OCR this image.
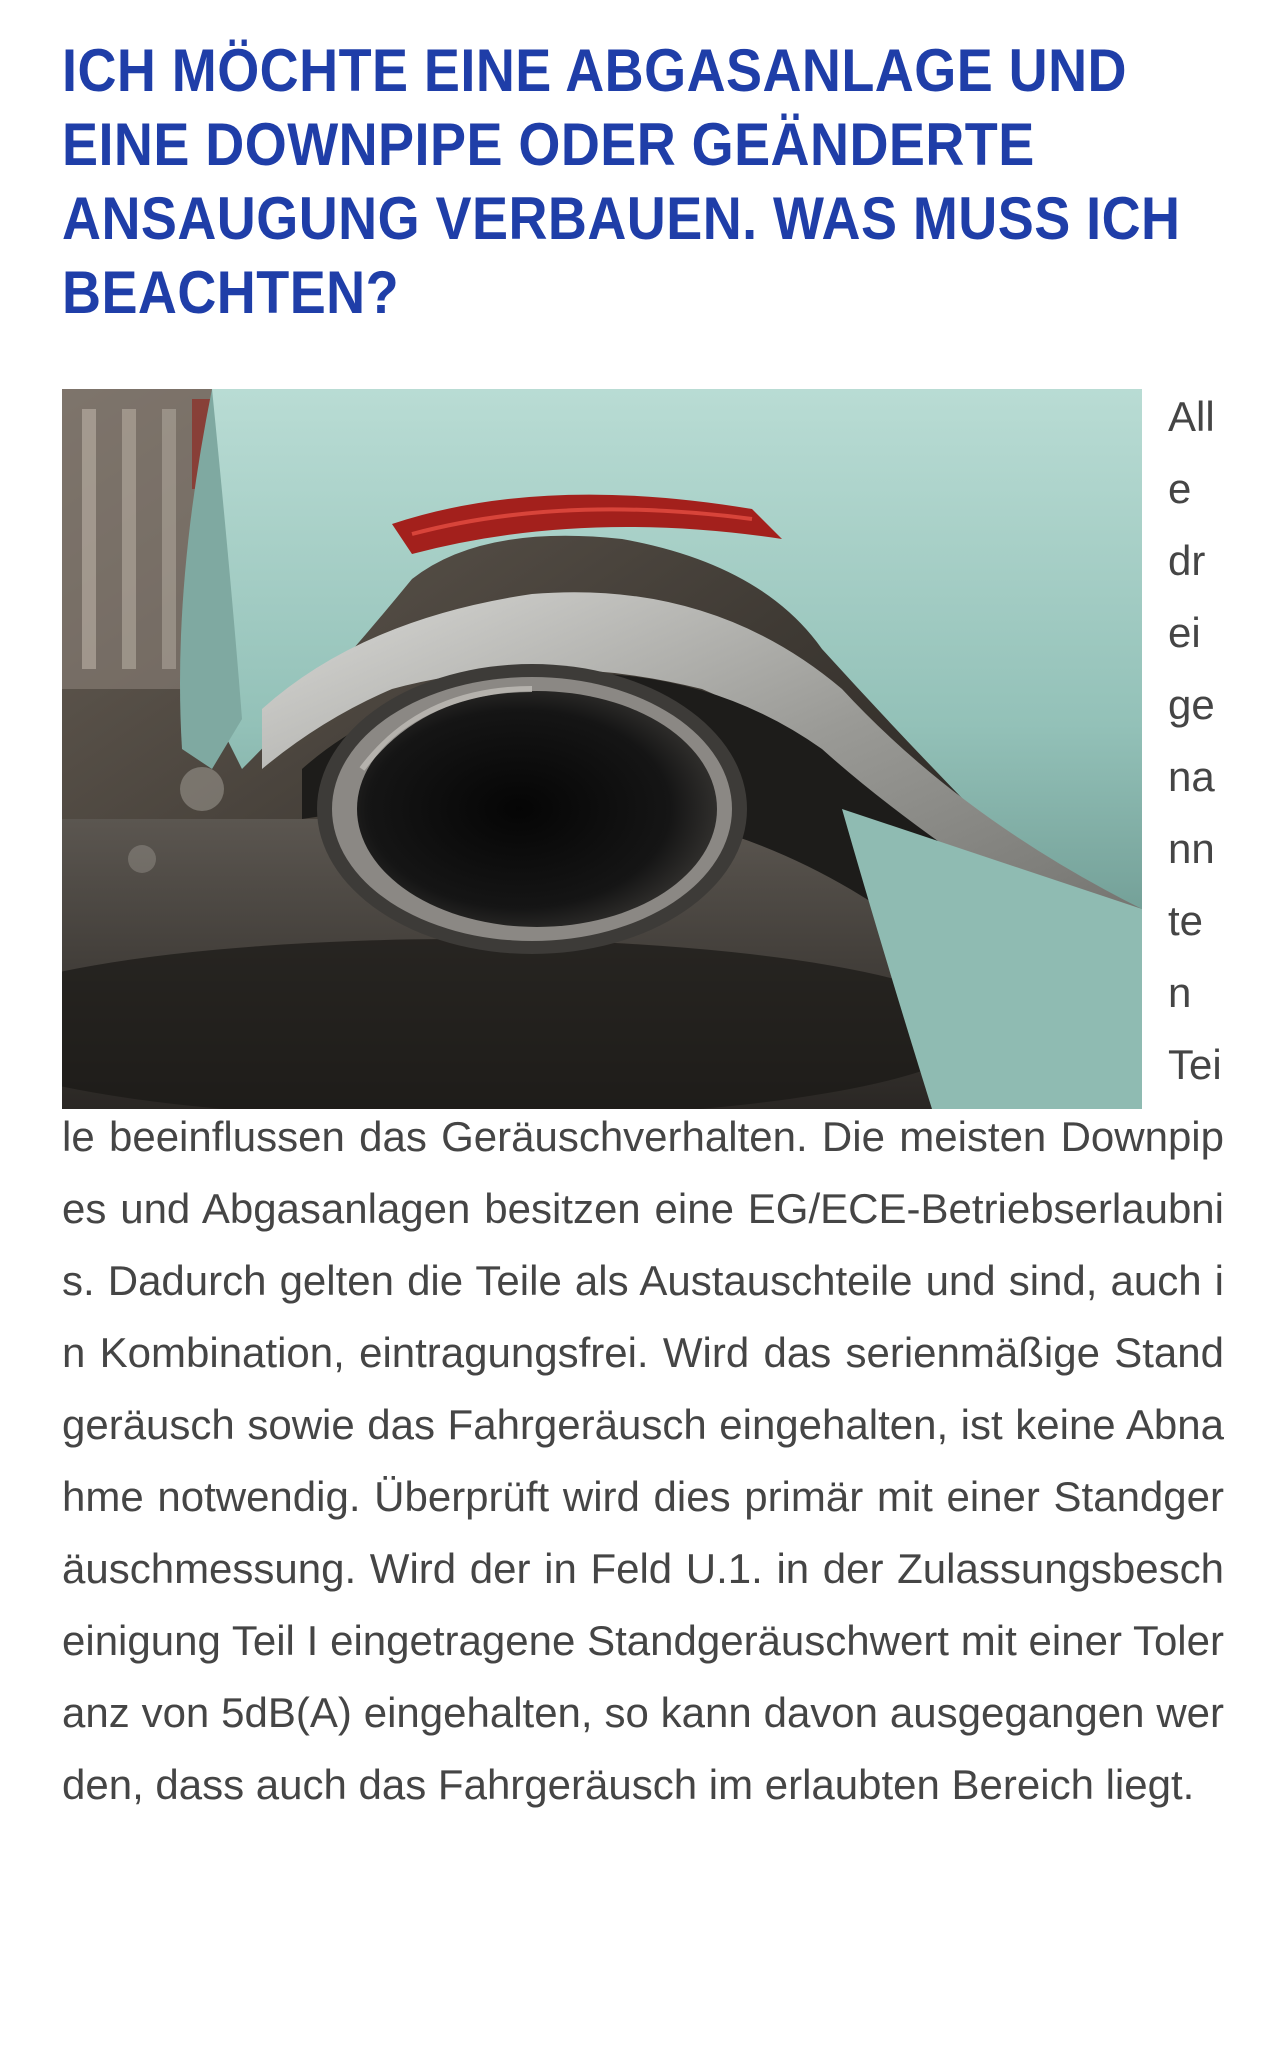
ICH MÖCHTE EINE ABGASANLAGE UND EINE DOWNPIPE ODER GEÄNDERTE ANSAUGUNG VERBAUEN. WAS MUSS ICH BEACHTEN?

Alle drei genannten Teile beeinflussen das Geräuschverhalten. Die meisten Downpipes und Abgasanlagen besitzen eine EG/ECE-Betriebserlaubnis. Dadurch gelten die Teile als Austauschteile und sind, auch in Kombination, eintragungsfrei. Wird das serienmäßige Standgeräusch sowie das Fahrgeräusch eingehalten, ist keine Abnahme notwendig. Überprüft wird dies primär mit einer Standgeräuschmessung. Wird der in Feld U.1. in der Zulassungsbescheinigung Teil I eingetragene Standgeräuschwert mit einer Toleranz von 5dB(A) eingehalten, so kann davon ausgegangen werden, dass auch das Fahrgeräusch im erlaubten Bereich liegt.
